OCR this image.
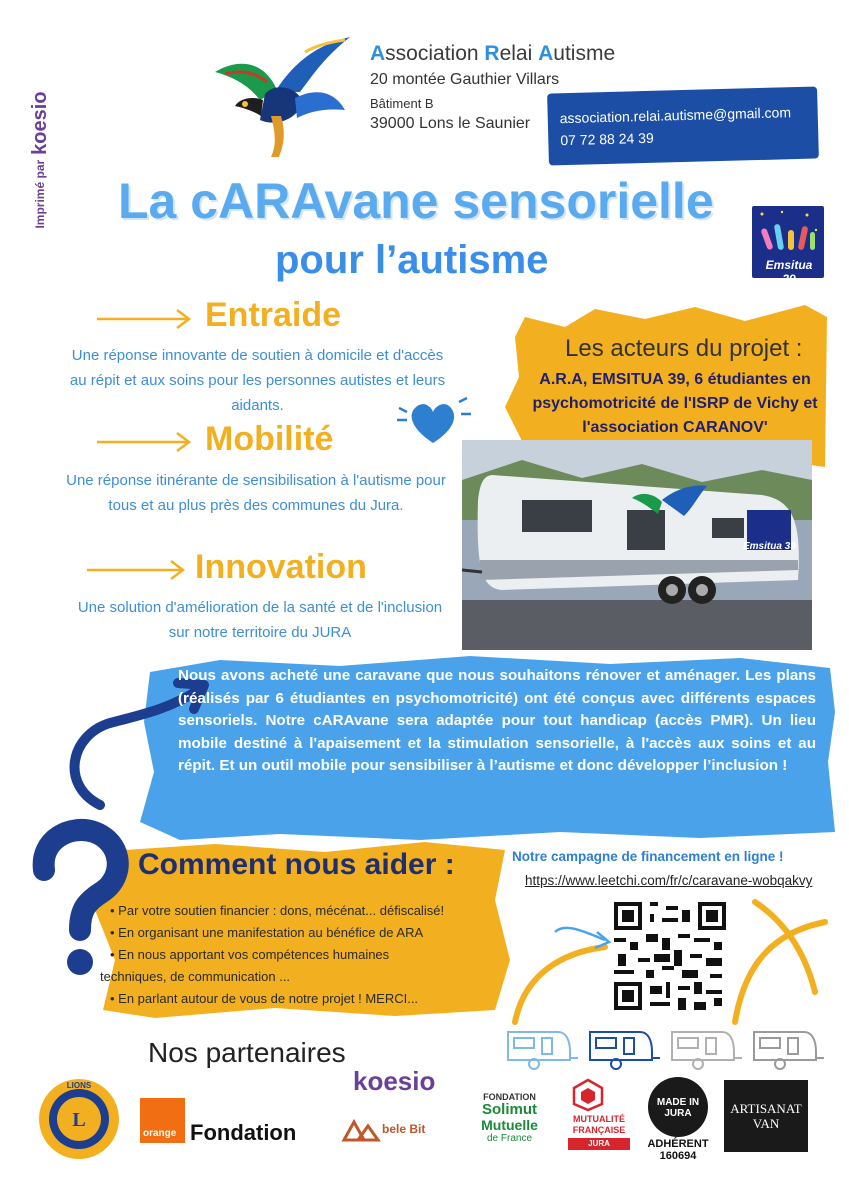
Imprimé par
koesio
Association Relai Autisme
20 montée Gauthier Villars
Bâtiment B
39000 Lons le Saunier association.relai.autisme@gmail.com
07 72 88 24 39
La cARAvane sensorielle
pour l’autisme	Emsitua 39
Entraide
Une réponse innovante de soutien à domicile et d'accès au répit et aux soins pour les personnes autistes et leurs aidants.
Mobilité
Une réponse itinérante de sensibilisation à l'autisme pour tous et au plus près des communes du Jura.
Innovation
Une solution d'amélioration de la santé et de l'inclusion sur notre territoire du JURA
Les acteurs du projet :
A.R.A, EMSITUA 39, 6 étudiantes en psychomotricité de l'ISRP de Vichy et l'association CARANOV'
Emsitua 39
Nous avons acheté une caravane que nous souhaitons rénover et aménager. Les plans (réalisés par 6 étudiantes en psychomotricité) ont été conçus avec différents espaces sensoriels. Notre cARAvane sera adaptée pour tout handicap (accès PMR). Un lieu mobile destiné à l'apaisement et la stimulation sensorielle, à l'accès aux soins et au répit. Et un outil mobile pour sensibiliser à l’autisme et donc développer l’inclusion !
Comment nous aider :
• Par votre soutien financier : dons, mécénat... défiscalisé!
• En organisant une manifestation au bénéfice de ARA
• En nous apportant vos compétences humaines
techniques, de communication ...
• En parlant autour de vous de notre projet ! MERCI...
Notre campagne de financement en ligne !
https://www.leetchi.com/fr/c/caravane-wobqakvy
Nos partenaires
koesio
L
LIONS
orange Fondation	bele Bit
FONDATION
Solimut
Mutuelle
de France
MUTUALITÉ
FRANÇAISE
JURA
MADE IN JURA
ADHÉRENT
160694
ARTISANAT
VAN
